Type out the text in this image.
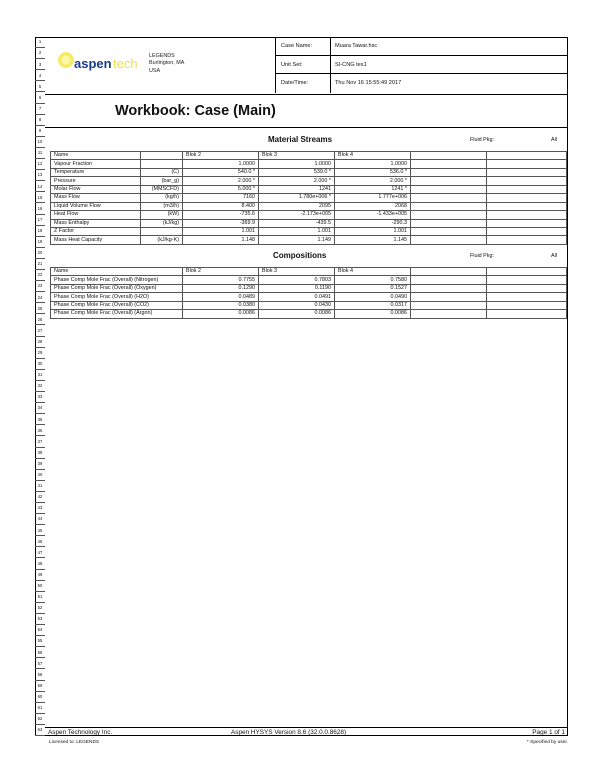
1
2
3
4
5
6
7
8
9
10
11
12
13
14
15
16
17
18
19
20
21
22
23
24
25
26
27
28
29
30
31
32
33
34
35
36
37
38
39
40
41
42
43
44
45
46
47
48
49
50
51
52
53
54
55
56
57
58
59
60
61
62
63
aspen tech LEGENDS
Burlington, MA
USA
Case Name:	Muara Tawar.hsc
Unit Set:	SI-CNG tes1
Date/Time:	Thu Nov 16 15:55:49 2017
Workbook: Case (Main)
Material Streams	Fluid Pkg:	All
Name		Blok 2	Blok 3	Blok 4		
Vapour Fraction		1.0000	1.0000	1.0000		
Temperature	(C)	540.0 *	539.0 *	536.0 *		
Pressure	(bar_g)	2.000 *	2.000 *	2.000 *		
Molar Flow	(MMSCFD)	5.000 *	1241	1241 *		
Mass Flow	(kg/h)	7160	1.780e+006 *	1.777e+006		
Liquid Volume Flow	(m3/h)	8.400	2095	2068		
Heat Flow	(kW)	-735.6	-2.173e+005	-1.433e+005		
Mass Enthalpy	(kJ/kg)	-369.9	-439.5	-290.3		
Z Factor		1.001	1.001	1.001		
Mass Heat Capacity	(kJ/kg-K)	1.148	1.149	1.145		
Compositions	Fluid Pkg:	All
Name	Blok 2	Blok 3	Blok 4		
Phase Comp Mole Frac (Overall) (Nitrogen)	0.7755	0.7803	0.7580		
Phase Comp Mole Frac (Overall) (Oxygen)	0.1290	0.1190	0.1527		
Phase Comp Mole Frac (Overall) (H2O)	0.0489	0.0491	0.0490		
Phase Comp Mole Frac (Overall) (CO2)	0.0380	0.0430	0.0317		
Phase Comp Mole Frac (Overall) (Argon)	0.0086	0.0086	0.0086		
Aspen Technology Inc.	Aspen HYSYS Version 8.6 (32.0.0.8628)	Page 1 of 1
Licensed to: LEGENDS	* Specified by user.
